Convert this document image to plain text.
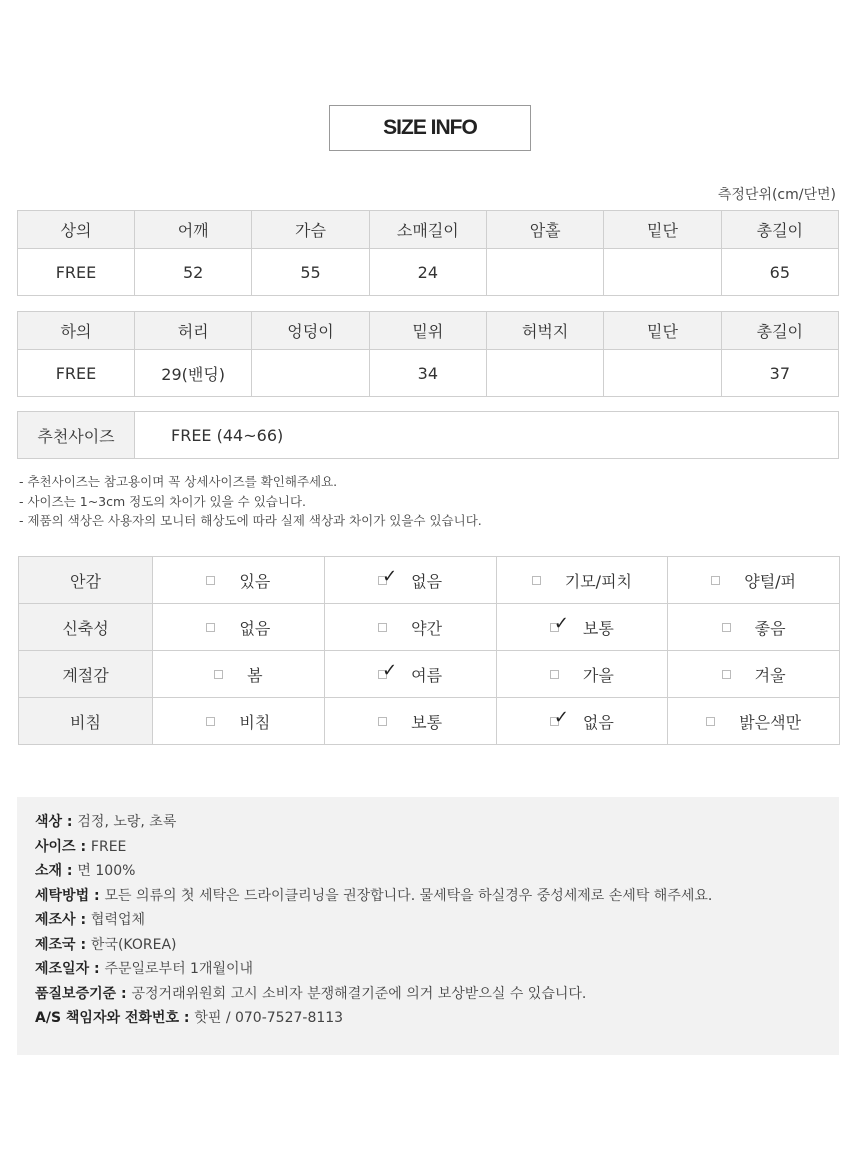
SIZE INFO
측정단위(cm/단면)
상의	어깨	가슴	소매길이	암홀	밑단	총길이
FREE	52	55	24			65
하의	허리	엉덩이	밑위	허벅지	밑단	총길이
FREE	29(밴딩)		34			37
추천사이즈	FREE (44~66)
- 추천사이즈는 참고용이며 꼭 상세사이즈를 확인해주세요.
- 사이즈는 1~3cm 정도의 차이가 있을 수 있습니다.
- 제품의 색상은 사용자의 모니터 해상도에 따라 실제 색상과 차이가 있을수 있습니다.
안감	있음	✓ 없음	기모/피치	양털/퍼

신축성	없음	약간	✓ 보통	좋음

계절감	봄	✓ 여름	가을	겨울

비침	비침	보통	✓ 없음	밝은색만
색상 : 검정, 노랑, 초록
사이즈 : FREE
소재 : 면 100%
세탁방법 : 모든 의류의 첫 세탁은 드라이클리닝을 권장합니다. 물세탁을 하실경우 중성세제로 손세탁 해주세요.
제조사 : 협력업체
제조국 : 한국(KOREA)
제조일자 : 주문일로부터 1개월이내
품질보증기준 : 공정거래위원회 고시 소비자 분쟁해결기준에 의거 보상받으실 수 있습니다.
A/S 책임자와 전화번호 : 핫핀 / 070-7527-8113
